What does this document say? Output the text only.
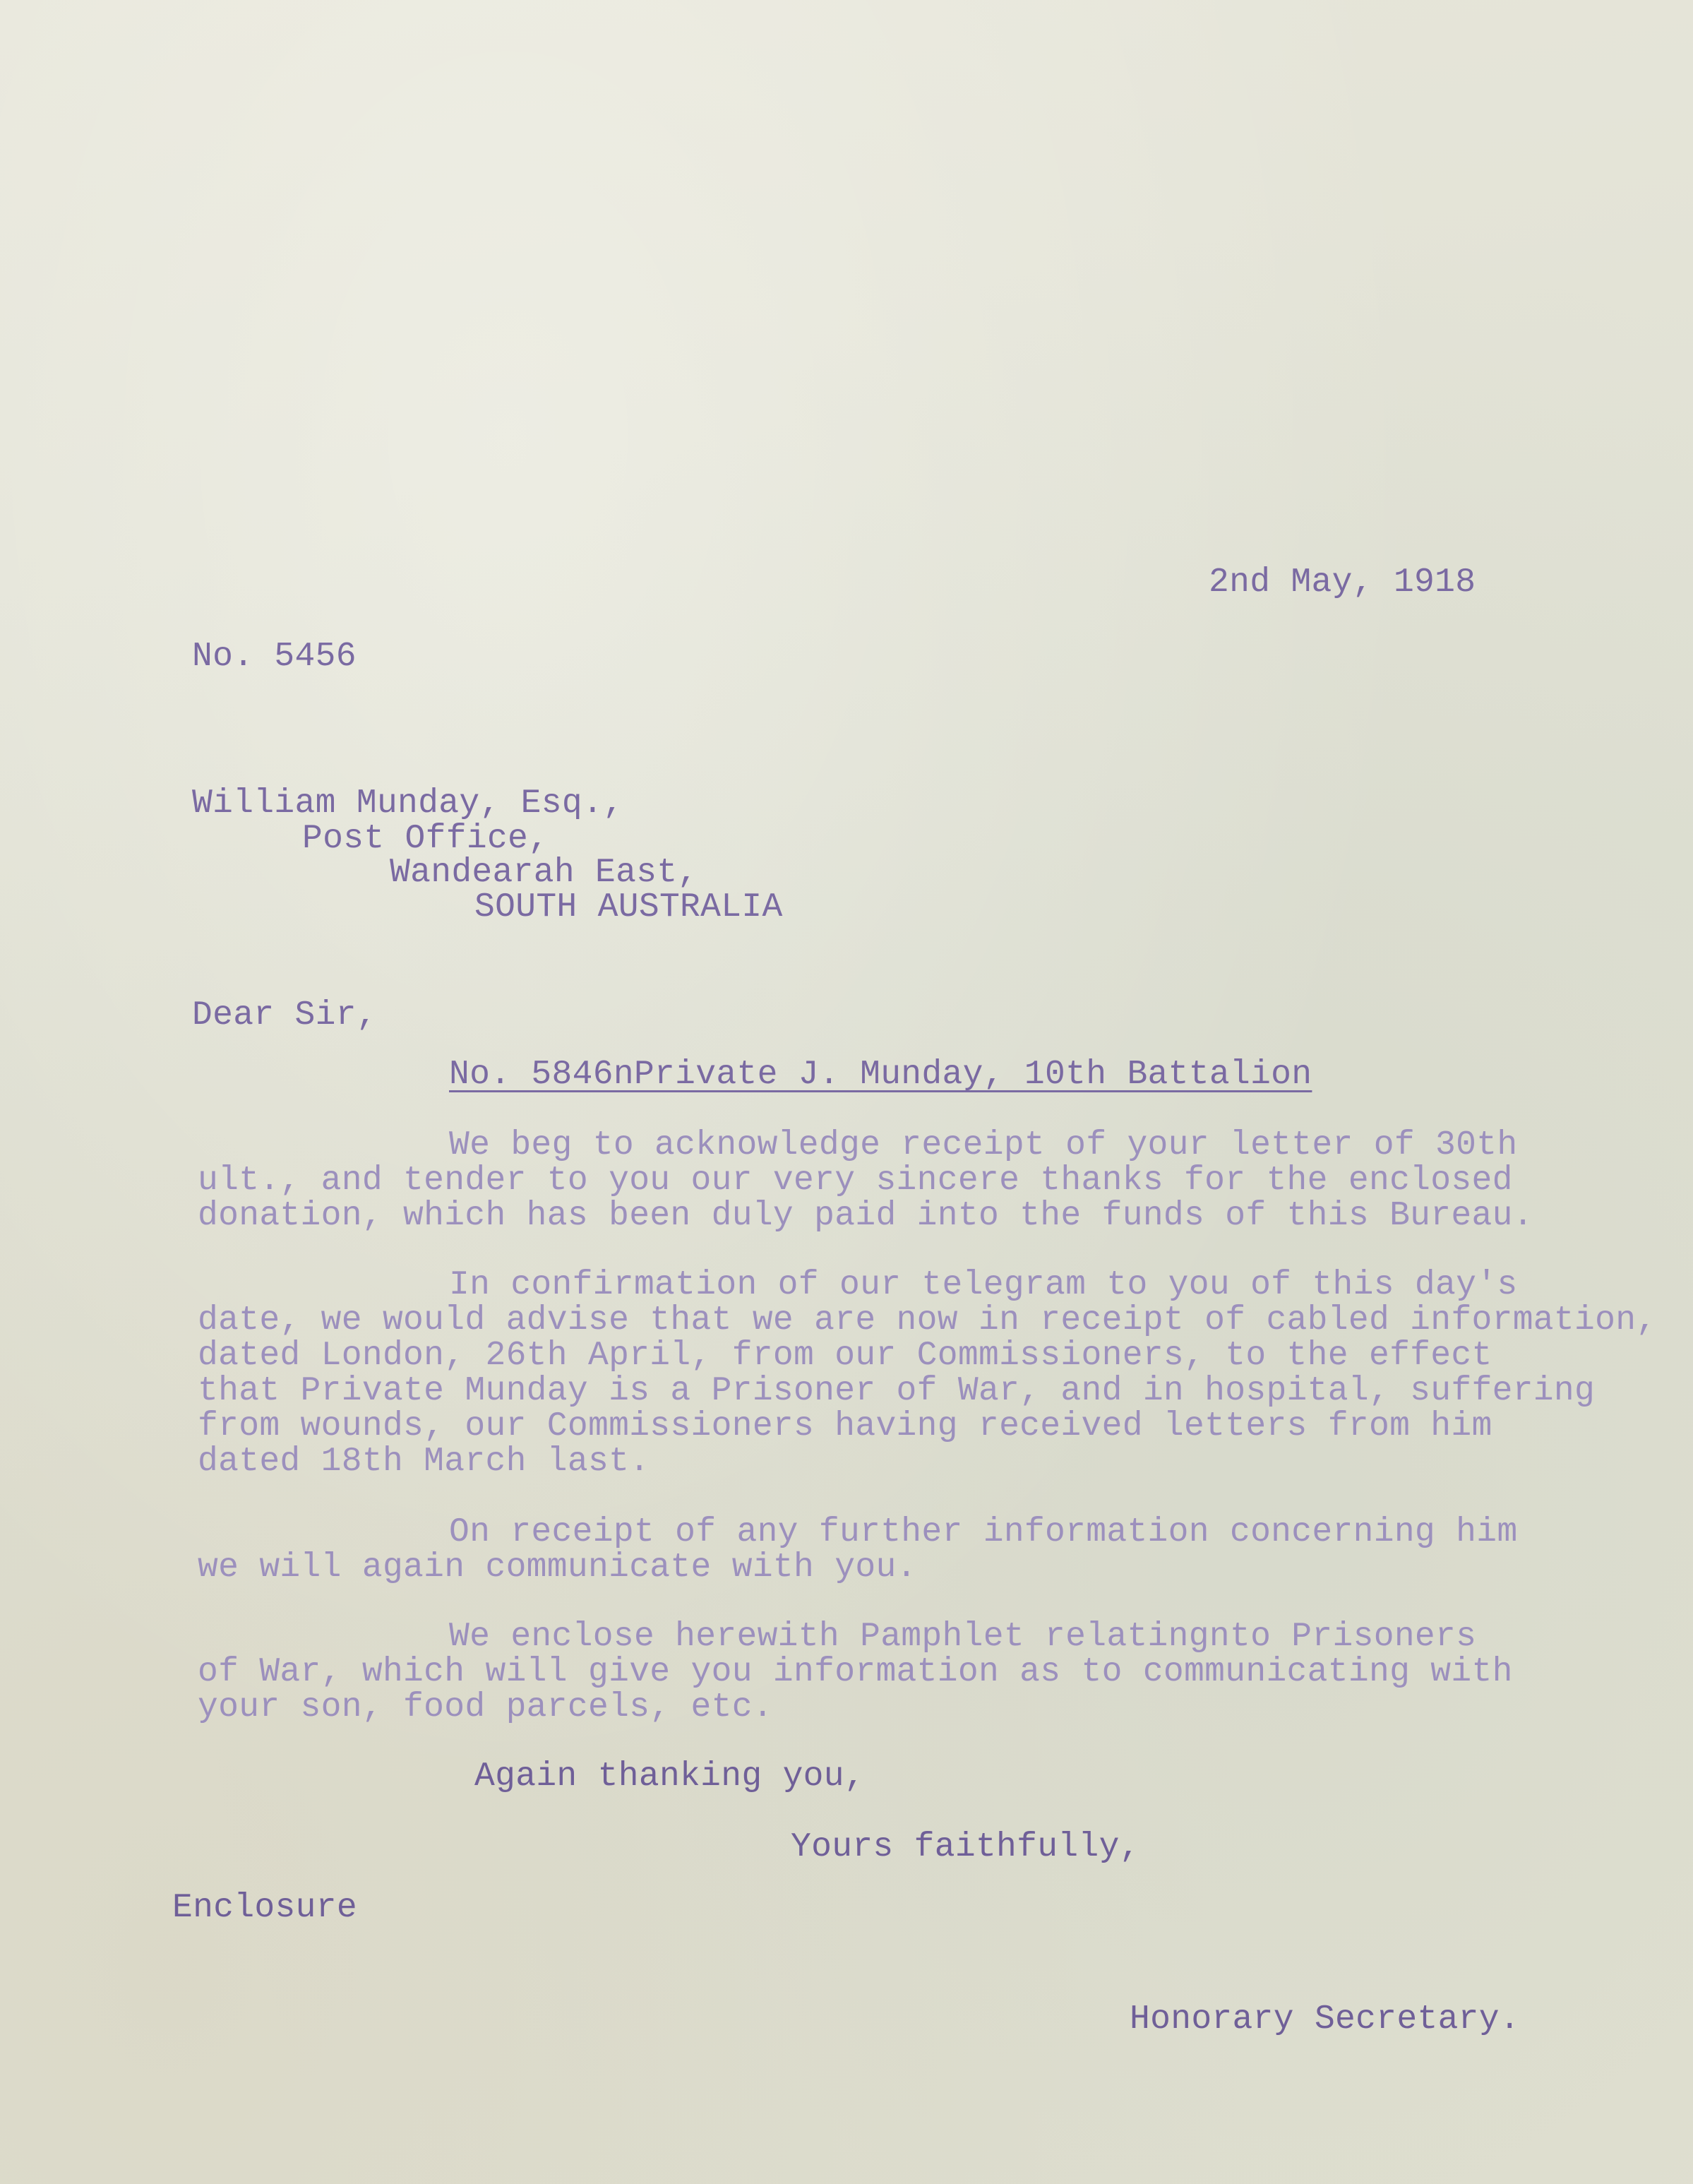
2nd May, 1918

No. 5456

William Munday, Esq.,

Post Office,

Wandearah East,

SOUTH AUSTRALIA

Dear Sir,

No. 5846nPrivate J. Munday, 10th Battalion

We beg to acknowledge receipt of your letter of 30th

ult., and tender to you our very sincere thanks for the enclosed

donation, which has been duly paid into the funds of this Bureau.

In confirmation of our telegram to you of this day's

date, we would advise that we are now in receipt of cabled information,

dated London, 26th April, from our Commissioners, to the effect

that Private Munday is a Prisoner of War, and in hospital, suffering

from wounds, our Commissioners having received letters from him

dated 18th March last.

On receipt of any further information concerning him

we will again communicate with you.

We enclose herewith Pamphlet relatingnto Prisoners

of War, which will give you information as to communicating with

your son, food parcels, etc.

Again thanking you,

Yours faithfully,

Enclosure

Honorary Secretary.
